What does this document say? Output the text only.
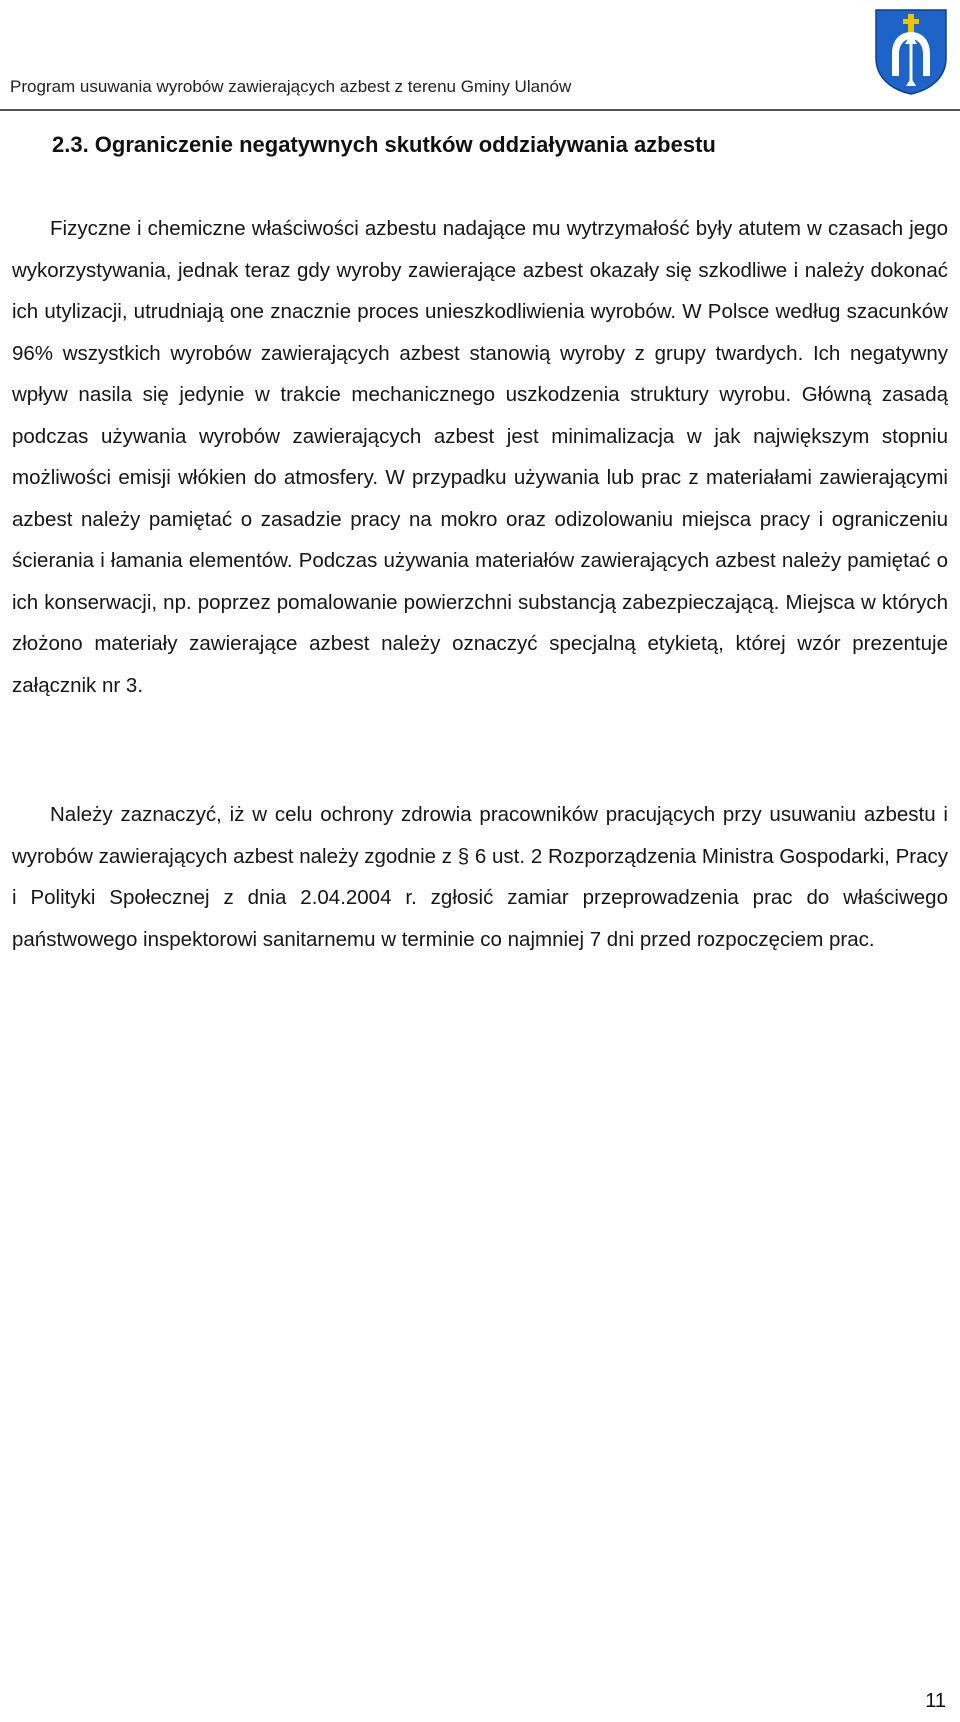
Program usuwania wyrobów zawierających azbest z terenu Gminy Ulanów
2.3. Ograniczenie negatywnych skutków oddziaływania azbestu

Fizyczne i chemiczne właściwości azbestu nadające mu wytrzymałość były atutem w czasach jego wykorzystywania, jednak teraz gdy wyroby zawierające azbest okazały się szkodliwe i należy dokonać ich utylizacji, utrudniają one znacznie proces unieszkodliwienia wyrobów. W Polsce według szacunków 96% wszystkich wyrobów zawierających azbest stanowią wyroby z grupy twardych. Ich negatywny wpływ nasila się jedynie w trakcie mechanicznego uszkodzenia struktury wyrobu. Główną zasadą podczas używania wyrobów zawierających azbest jest minimalizacja w jak największym stopniu możliwości emisji włókien do atmosfery. W przypadku używania lub prac z materiałami zawierającymi azbest należy pamiętać o zasadzie pracy na mokro oraz odizolowaniu miejsca pracy i ograniczeniu ścierania i łamania elementów. Podczas używania materiałów zawierających azbest należy pamiętać o ich konserwacji, np. poprzez pomalowanie powierzchni substancją zabezpieczającą. Miejsca w których złożono materiały zawierające azbest należy oznaczyć specjalną etykietą, której wzór prezentuje załącznik nr 3.

Należy zaznaczyć, iż w celu ochrony zdrowia pracowników pracujących przy usuwaniu azbestu i wyrobów zawierających azbest należy zgodnie z § 6 ust. 2 Rozporządzenia Ministra Gospodarki, Pracy i Polityki Społecznej z dnia 2.04.2004 r. zgłosić zamiar przeprowadzenia prac do właściwego państwowego inspektorowi sanitarnemu w terminie co najmniej 7 dni przed rozpoczęciem prac.

11
